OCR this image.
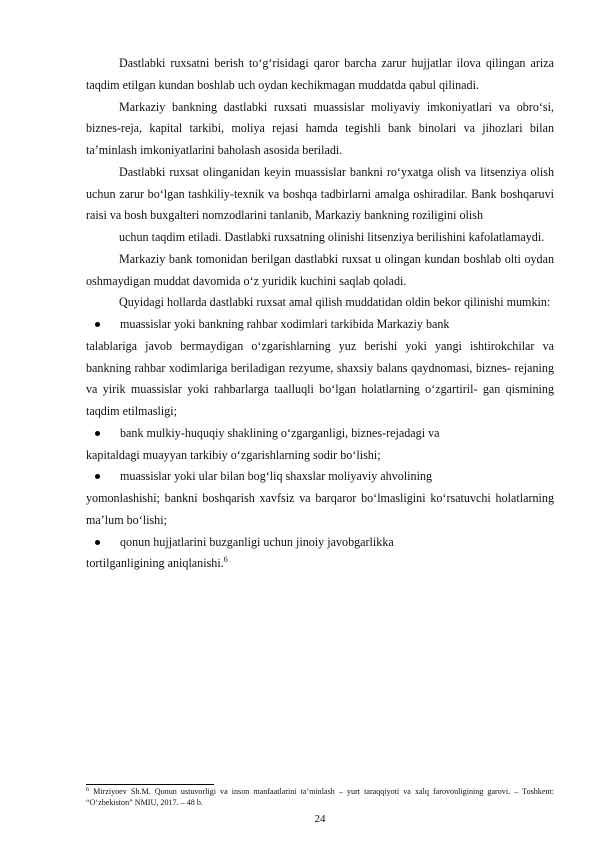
Dastlabki ruxsatni berish to‘g‘risidagi qaror barcha zarur hujjatlar ilova qilingan ariza taqdim etilgan kundan boshlab uch oydan kechikmagan muddatda qabul qilinadi.

Markaziy bankning dastlabki ruxsati muassislar moliyaviy imkoniyatlari va obro‘si, biznes-reja, kapital tarkibi, moliya rejasi hamda tegishli bank binolari va jihozlari bilan ta’minlash imkoniyatlarini baholash asosida beriladi.

Dastlabki ruxsat olinganidan keyin muassislar bankni ro‘yxatga olish va litsenziya olish uchun zarur bo‘lgan tashkiliy-texnik va boshqa tadbirlarni amalga oshiradilar. Bank boshqaruvi raisi va bosh buxgalteri nomzodlarini tanlanib, Markaziy bankning roziligini olish

uchun taqdim etiladi. Dastlabki ruxsatning olinishi litsenziya berilishini kafolatlamaydi.

Markaziy bank tomonidan berilgan dastlabki ruxsat u olingan kundan boshlab olti oydan oshmaydigan muddat davomida o‘z yuridik kuchini saqlab qoladi.

Quyidagi hollarda dastlabki ruxsat amal qilish muddatidan oldin bekor qilinishi mumkin:

muassislar yoki bankning rahbar xodimlari tarkibida Markaziy bank
talablariga javob bermaydigan o‘zgarishlarning yuz berishi yoki yangi ishtirokchilar va bankning rahbar xodimlariga beriladigan rezyume, shaxsiy balans qaydnomasi, biznes- rejaning va yirik muassislar yoki rahbarlarga taalluqli bo‘lgan holatlarning o‘zgartiril- gan qismining taqdim etilmasligi;
bank mulkiy-huquqiy shaklining o‘zgarganligi, biznes-rejadagi va
kapitaldagi muayyan tarkibiy o‘zgarishlarning sodir bo‘lishi;
muassislar yoki ular bilan bog‘liq shaxslar moliyaviy ahvolining
yomonlashishi; bankni boshqarish xavfsiz va barqaror bo‘lmasligini ko‘rsatuvchi holatlarning ma’lum bo‘lishi;
qonun hujjatlarini buzganligi uchun jinoiy javobgarlikka
tortilganligining aniqlanishi.$^6$
$^6$ Mirziyoev Sh.M. Qonun ustuvorligi va inson manfaatlarini ta’minlash – yurt taraqqiyoti va xalq farovonligining garovi. – Toshkent: “O‘zbekiston” NMIU, 2017. – 48 b.
24
